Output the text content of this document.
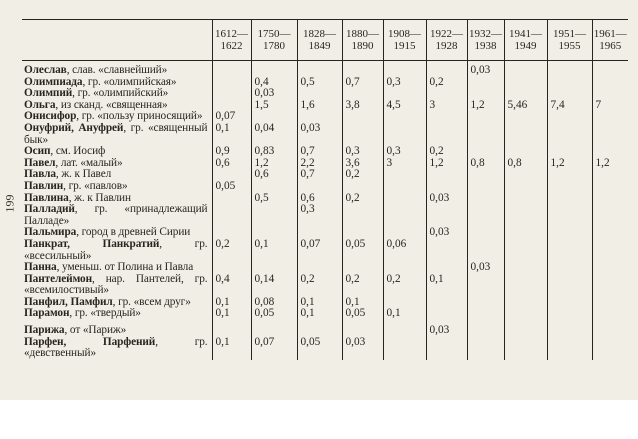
199
	1612—1622	1750—1780	1828—1849	1880—1890	1908—1915	1922—1928	1932—1938	1941—1949	1951—1955	1961—1965
Олеслав, слав. «славнейший»							0,03			
Олимпиада, гр. «олимпийская»		0,4	0,5	0,7	0,3	0,2				
Олимпий, гр. «олимпийский»		0,03								
Ольга, из сканд. «священная»		1,5	1,6	3,8	4,5	3	1,2	5,46	7,4	7
Онисифор, гр. «пользу приносящий»	0,07									
Онуфрий, Ануфрей, гр. «священный бык»	0,1	0,04	0,03							
Осип, см. Иосиф	0,9	0,83	0,7	0,3	0,3	0,2				
Павел, лат. «малый»	0,6	1,2	2,2	3,6	3	1,2	0,8	0,8	1,2	1,2
Павла, ж. к Павел		0,6	0,7	0,2						
Павлин, гр. «павлов»	0,05									
Павлина, ж. к Павлин		0,5	0,6	0,2		0,03				
Палладий, гр. «принадлежащий Палладе»			0,3							
Пальмира, город в древней Сирии						0,03				
Панкрат, Панкратий, гр. «всесильный»	0,2	0,1	0,07	0,05	0,06					
Панна, уменьш. от Полина и Павла							0,03			
Пантелеймон, нар. Пантелей, гр. «всемилостивый»	0,4	0,14	0,2	0,2	0,2	0,1				
Панфил, Памфил, гр. «всем друг»	0,1	0,08	0,1	0,1						
Парамон, гр. «твердый»	0,1	0,05	0,1	0,05	0,1					
Парижа, от «Париж»						0,03				
Парфен, Парфений, гр. «девственный»	0,1	0,07	0,05	0,03						
